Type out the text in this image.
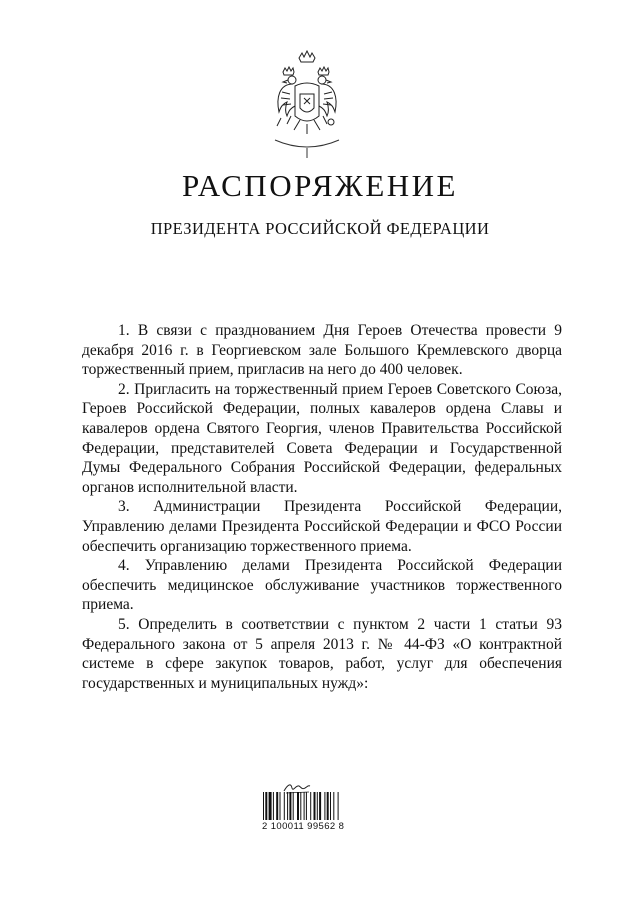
РАСПОРЯЖЕНИЕ
ПРЕЗИДЕНТА РОССИЙСКОЙ ФЕДЕРАЦИИ

1. В связи с празднованием Дня Героев Отечества провести 9 декабря 2016 г. в Георгиевском зале Большого Кремлевского дворца торжественный прием, пригласив на него до 400 человек.

2. Пригласить на торжественный прием Героев Советского Союза, Героев Российской Федерации, полных кавалеров ордена Славы и кавалеров ордена Святого Георгия, членов Правительства Российской Федерации, представителей Совета Федерации и Государственной Думы Федерального Собрания Российской Федерации, федеральных органов исполнительной власти.

3. Администрации Президента Российской Федерации, Управлению делами Президента Российской Федерации и ФСО России обеспечить организацию торжественного приема.

4. Управлению делами Президента Российской Федерации обеспечить медицинское обслуживание участников торжественного приема.

5. Определить в соответствии с пунктом 2 части 1 статьи 93 Федерального закона от 5 апреля 2013 г. № 44-ФЗ «О контрактной системе в сфере закупок товаров, работ, услуг для обеспечения государственных и муниципальных нужд»:

2 100011 99562 8
